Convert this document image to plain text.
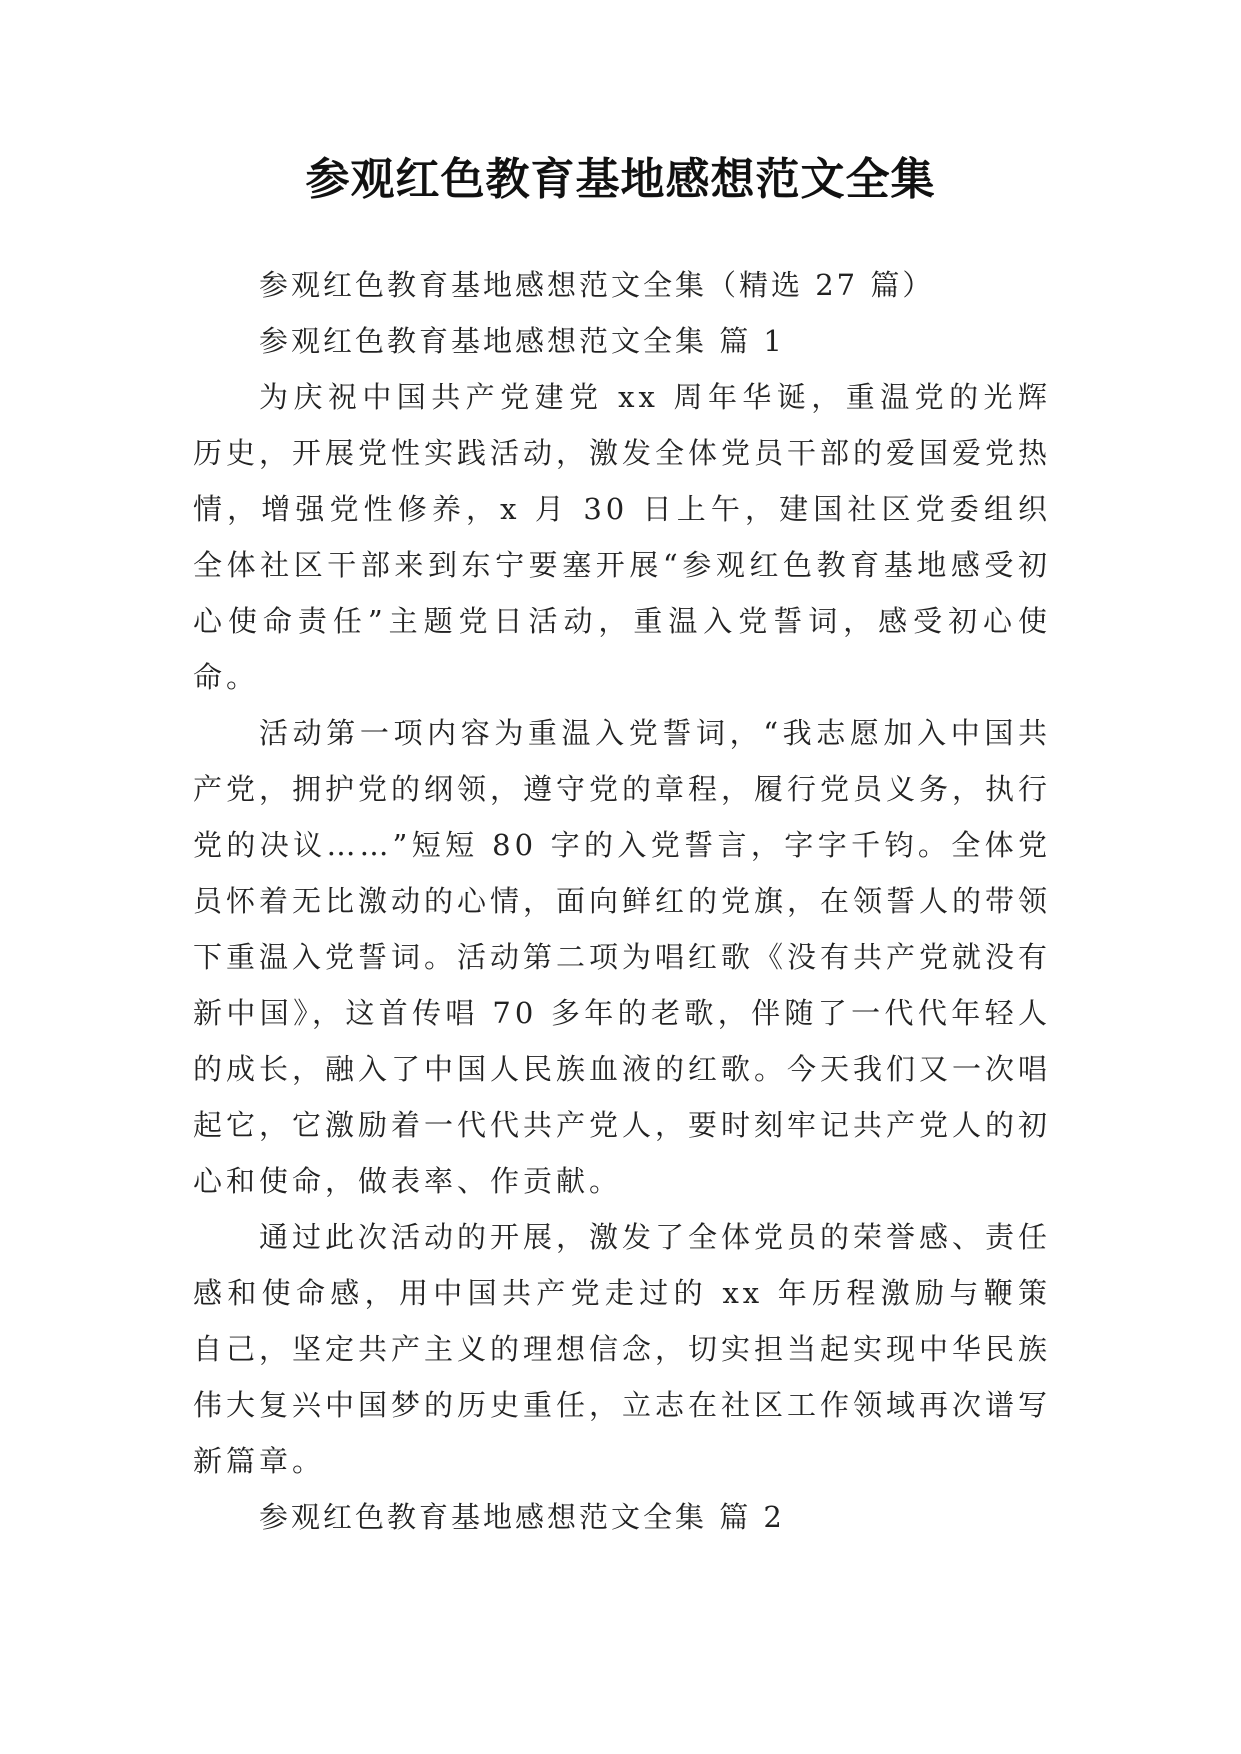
参观红色教育基地感想范文全集

参观红色教育基地感想范文全集（精选 27 篇）

参观红色教育基地感想范文全集 篇 1

为庆祝中国共产党建党 xx 周年华诞，重温党的光辉历史，开展党性实践活动，激发全体党员干部的爱国爱党热情，增强党性修养，x 月 30 日上午，建国社区党委组织全体社区干部来到东宁要塞开展“参观红色教育基地感受初心使命责任”主题党日活动，重温入党誓词，感受初心使命。

活动第一项内容为重温入党誓词，“我志愿加入中国共产党，拥护党的纲领，遵守党的章程，履行党员义务，执行党的决议……”短短 80 字的入党誓言，字字千钧。全体党员怀着无比激动的心情，面向鲜红的党旗，在领誓人的带领下重温入党誓词。活动第二项为唱红歌《没有共产党就没有新中国》，这首传唱 70 多年的老歌，伴随了一代代年轻人的成长，融入了中国人民族血液的红歌。今天我们又一次唱起它，它激励着一代代共产党人，要时刻牢记共产党人的初心和使命，做表率、作贡献。

通过此次活动的开展，激发了全体党员的荣誉感、责任感和使命感，用中国共产党走过的 xx 年历程激励与鞭策自己，坚定共产主义的理想信念，切实担当起实现中华民族伟大复兴中国梦的历史重任，立志在社区工作领域再次谱写新篇章。

参观红色教育基地感想范文全集 篇 2
